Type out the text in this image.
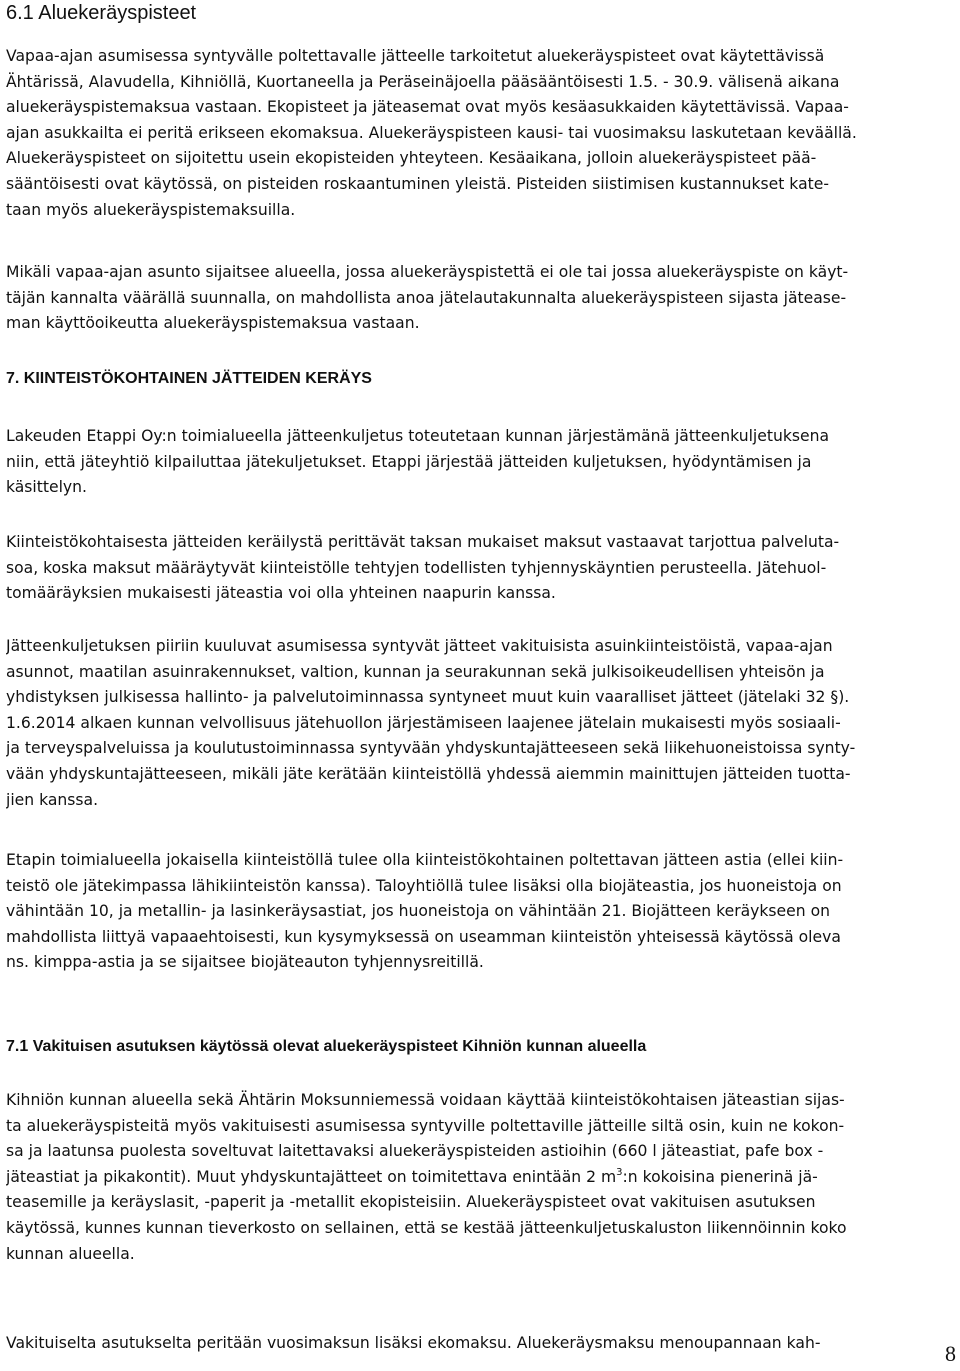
6.1 Aluekeräyspisteet
Vapaa-ajan asumisessa syntyvälle poltettavalle jätteelle tarkoitetut aluekeräyspisteet ovat käytettävissä
Ähtärissä, Alavudella, Kihniöllä, Kuortaneella ja Peräseinäjoella pääsääntöisesti 1.5. - 30.9. välisenä aikana
aluekeräyspistemaksua vastaan. Ekopisteet ja jäteasemat ovat myös kesäasukkaiden käytettävissä. Vapaa-
ajan asukkailta ei peritä erikseen ekomaksua. Aluekeräyspisteen kausi- tai vuosimaksu laskutetaan keväällä.
Aluekeräyspisteet on sijoitettu usein ekopisteiden yhteyteen. Kesäaikana, jolloin aluekeräyspisteet pää-
sääntöisesti ovat käytössä, on pisteiden roskaantuminen yleistä. Pisteiden siistimisen kustannukset kate-
taan myös aluekeräyspistemaksuilla.
Mikäli vapaa-ajan asunto sijaitsee alueella, jossa aluekeräyspistettä ei ole tai jossa aluekeräyspiste on käyt-
täjän kannalta väärällä suunnalla, on mahdollista anoa jätelautakunnalta aluekeräyspisteen sijasta jäteasе-
man käyttöoikeutta aluekeräyspistemaksua vastaan.
7. KIINTEISTÖKOHTAINEN JÄTTEIDEN KERÄYS
Lakeuden Etappi Oy:n toimialueella jätteenkuljetus toteutetaan kunnan järjestämänä jätteenkuljetuksena
niin, että jäteyhtiö kilpailuttaa jätekuljetukset. Etappi järjestää jätteiden kuljetuksen, hyödyntämisen ja
käsittelyn.
Kiinteistökohtaisesta jätteiden keräilystä perittävät taksan mukaiset maksut vastaavat tarjottua palveluta-
soa, koska maksut määräytyvät kiinteistölle tehtyjen todellisten tyhjennyskäyntien perusteella. Jätehuol-
tomääräyksien mukaisesti jäteastia voi olla yhteinen naapurin kanssa.
Jätteenkuljetuksen piiriin kuuluvat asumisessa syntyvät jätteet vakituisista asuinkiinteistöistä, vapaa-ajan
asunnot, maatilan asuinrakennukset, valtion, kunnan ja seurakunnan sekä julkisoikeudellisen yhteisön ja
yhdistyksen julkisessa hallinto- ja palvelutoiminnassa syntyneet muut kuin vaaralliset jätteet (jätelaki 32 §).
1.6.2014 alkaen kunnan velvollisuus jätehuollon järjestämiseen laajenee jätelain mukaisesti myös sosiaali-
ja terveyspalveluissa ja koulutustoiminnassa syntyvään yhdyskuntajätteeseen sekä liikehuoneistoissa synty-
vään yhdyskuntajätteeseen, mikäli jäte kerätään kiinteistöllä yhdessä aiemmin mainittujen jätteiden tuotta-
jien kanssa.
Etapin toimialueella jokaisella kiinteistöllä tulee olla kiinteistökohtainen poltettavan jätteen astia (ellei kiin-
teistö ole jätekimpassa lähikiinteistön kanssa). Taloyhtiöllä tulee lisäksi olla biojäteastia, jos huoneistoja on
vähintään 10, ja metallin- ja lasinkeräysastiat, jos huoneistoja on vähintään 21. Biojätteen keräykseen on
mahdollista liittyä vapaaehtoisesti, kun kysymyksessä on useamman kiinteistön yhteisessä käytössä oleva
ns. kimppa-astia ja se sijaitsee biojäteauton tyhjennysreitillä.
7.1 Vakituisen asutuksen käytössä olevat aluekeräyspisteet Kihniön kunnan alueella
Kihniön kunnan alueella sekä Ähtärin Moksunniemessä voidaan käyttää kiinteistökohtaisen jäteastian sijas-
ta aluekeräyspisteitä myös vakituisesti asumisessa syntyville poltettaville jätteille siltä osin, kuin ne kokon-
sa ja laatunsa puolesta soveltuvat laitettavaksi aluekeräyspisteiden astioihin (660 l jäteastiat, pafe box -
jäteastiat ja pikakontit). Muut yhdyskuntajätteet on toimitettava enintään 2 $m^3:n$ kokoisina pienerinä jä-
teasemille ja keräyslasit, -paperit ja -metallit ekopisteisiin. Aluekeräyspisteet ovat vakituisen asutuksen
käytössä, kunnes kunnan tieverkosto on sellainen, että se kestää jätteenkuljetuskaluston liikennöinnin koko
kunnan alueella.
Vakituiselta asutukselta peritään vuosimaksun lisäksi ekomaksu. Aluekeräysmaksu menoupannaan kah-	8
